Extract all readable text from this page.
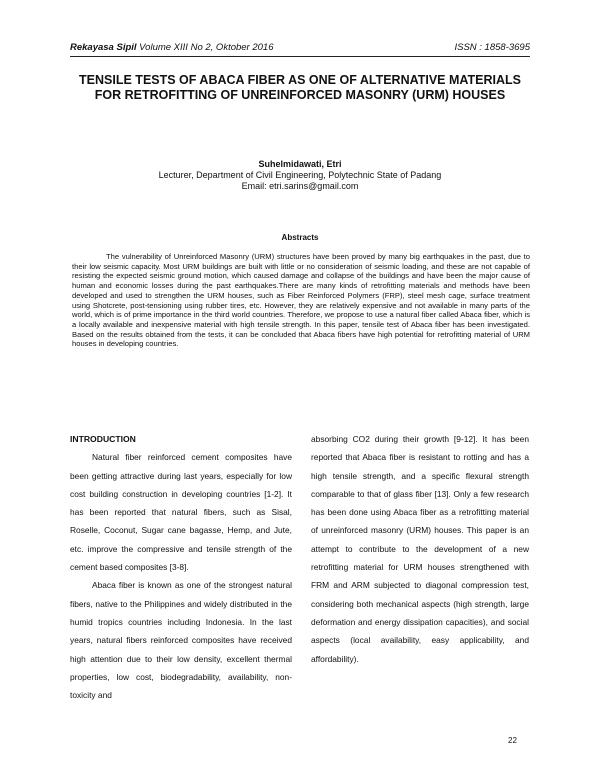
Rekayasa Sipil Volume XIII No 2, Oktober 2016	ISSN : 1858-3695
TENSILE TESTS OF ABACA FIBER AS ONE OF ALTERNATIVE MATERIALS FOR RETROFITTING OF UNREINFORCED MASONRY (URM) HOUSES
Suhelmidawati, Etri
Lecturer, Department of Civil Engineering, Polytechnic State of Padang
Email: etri.sarins@gmail.com
Abstracts

The vulnerability of Unreinforced Masonry (URM) structures have been proved by many big earthquakes in the past, due to their low seismic capacity. Most URM buildings are built with little or no consideration of seismic loading, and these are not capable of resisting the expected seismic ground motion, which caused damage and collapse of the buildings and have been the major cause of human and economic losses during the past earthquakes.There are many kinds of retrofitting materials and methods have been developed and used to strengthen the URM houses, such as Fiber Reinforced Polymers (FRP), steel mesh cage, surface treatment using Shotcrete, post-tensioning using rubber tires, etc. However, they are relatively expensive and not available in many parts of the world, which is of prime importance in the third world countries. Therefore, we propose to use a natural fiber called Abaca fiber, which is a locally available and inexpensive material with high tensile strength. In this paper, tensile test of Abaca fiber has been investigated. Based on the results obtained from the tests, it can be concluded that Abaca fibers have high potential for retrofitting material of URM houses in developing countries.

INTRODUCTION

Natural fiber reinforced cement composites have been getting attractive during last years, especially for low cost building construction in developing countries [1-2]. It has been reported that natural fibers, such as Sisal, Roselle, Coconut, Sugar cane bagasse, Hemp, and Jute, etc. improve the compressive and tensile strength of the cement based composites [3-8].

Abaca fiber is known as one of the strongest natural fibers, native to the Philippines and widely distributed in the humid tropics countries including Indonesia. In the last years, natural fibers reinforced composites have received high attention due to their low density, excellent thermal properties, low cost, biodegradability, availability, non-toxicity and

absorbing CO2 during their growth [9-12]. It has been reported that Abaca fiber is resistant to rotting and has a high tensile strength, and a specific flexural strength comparable to that of glass fiber [13]. Only a few research has been done using Abaca fiber as a retrofitting material of unreinforced masonry (URM) houses. This paper is an attempt to contribute to the development of a new retrofitting material for URM houses strengthened with FRM and ARM subjected to diagonal compression test, considering both mechanical aspects (high strength, large deformation and energy dissipation capacities), and social aspects (local availability, easy applicability, and affordability).

22
